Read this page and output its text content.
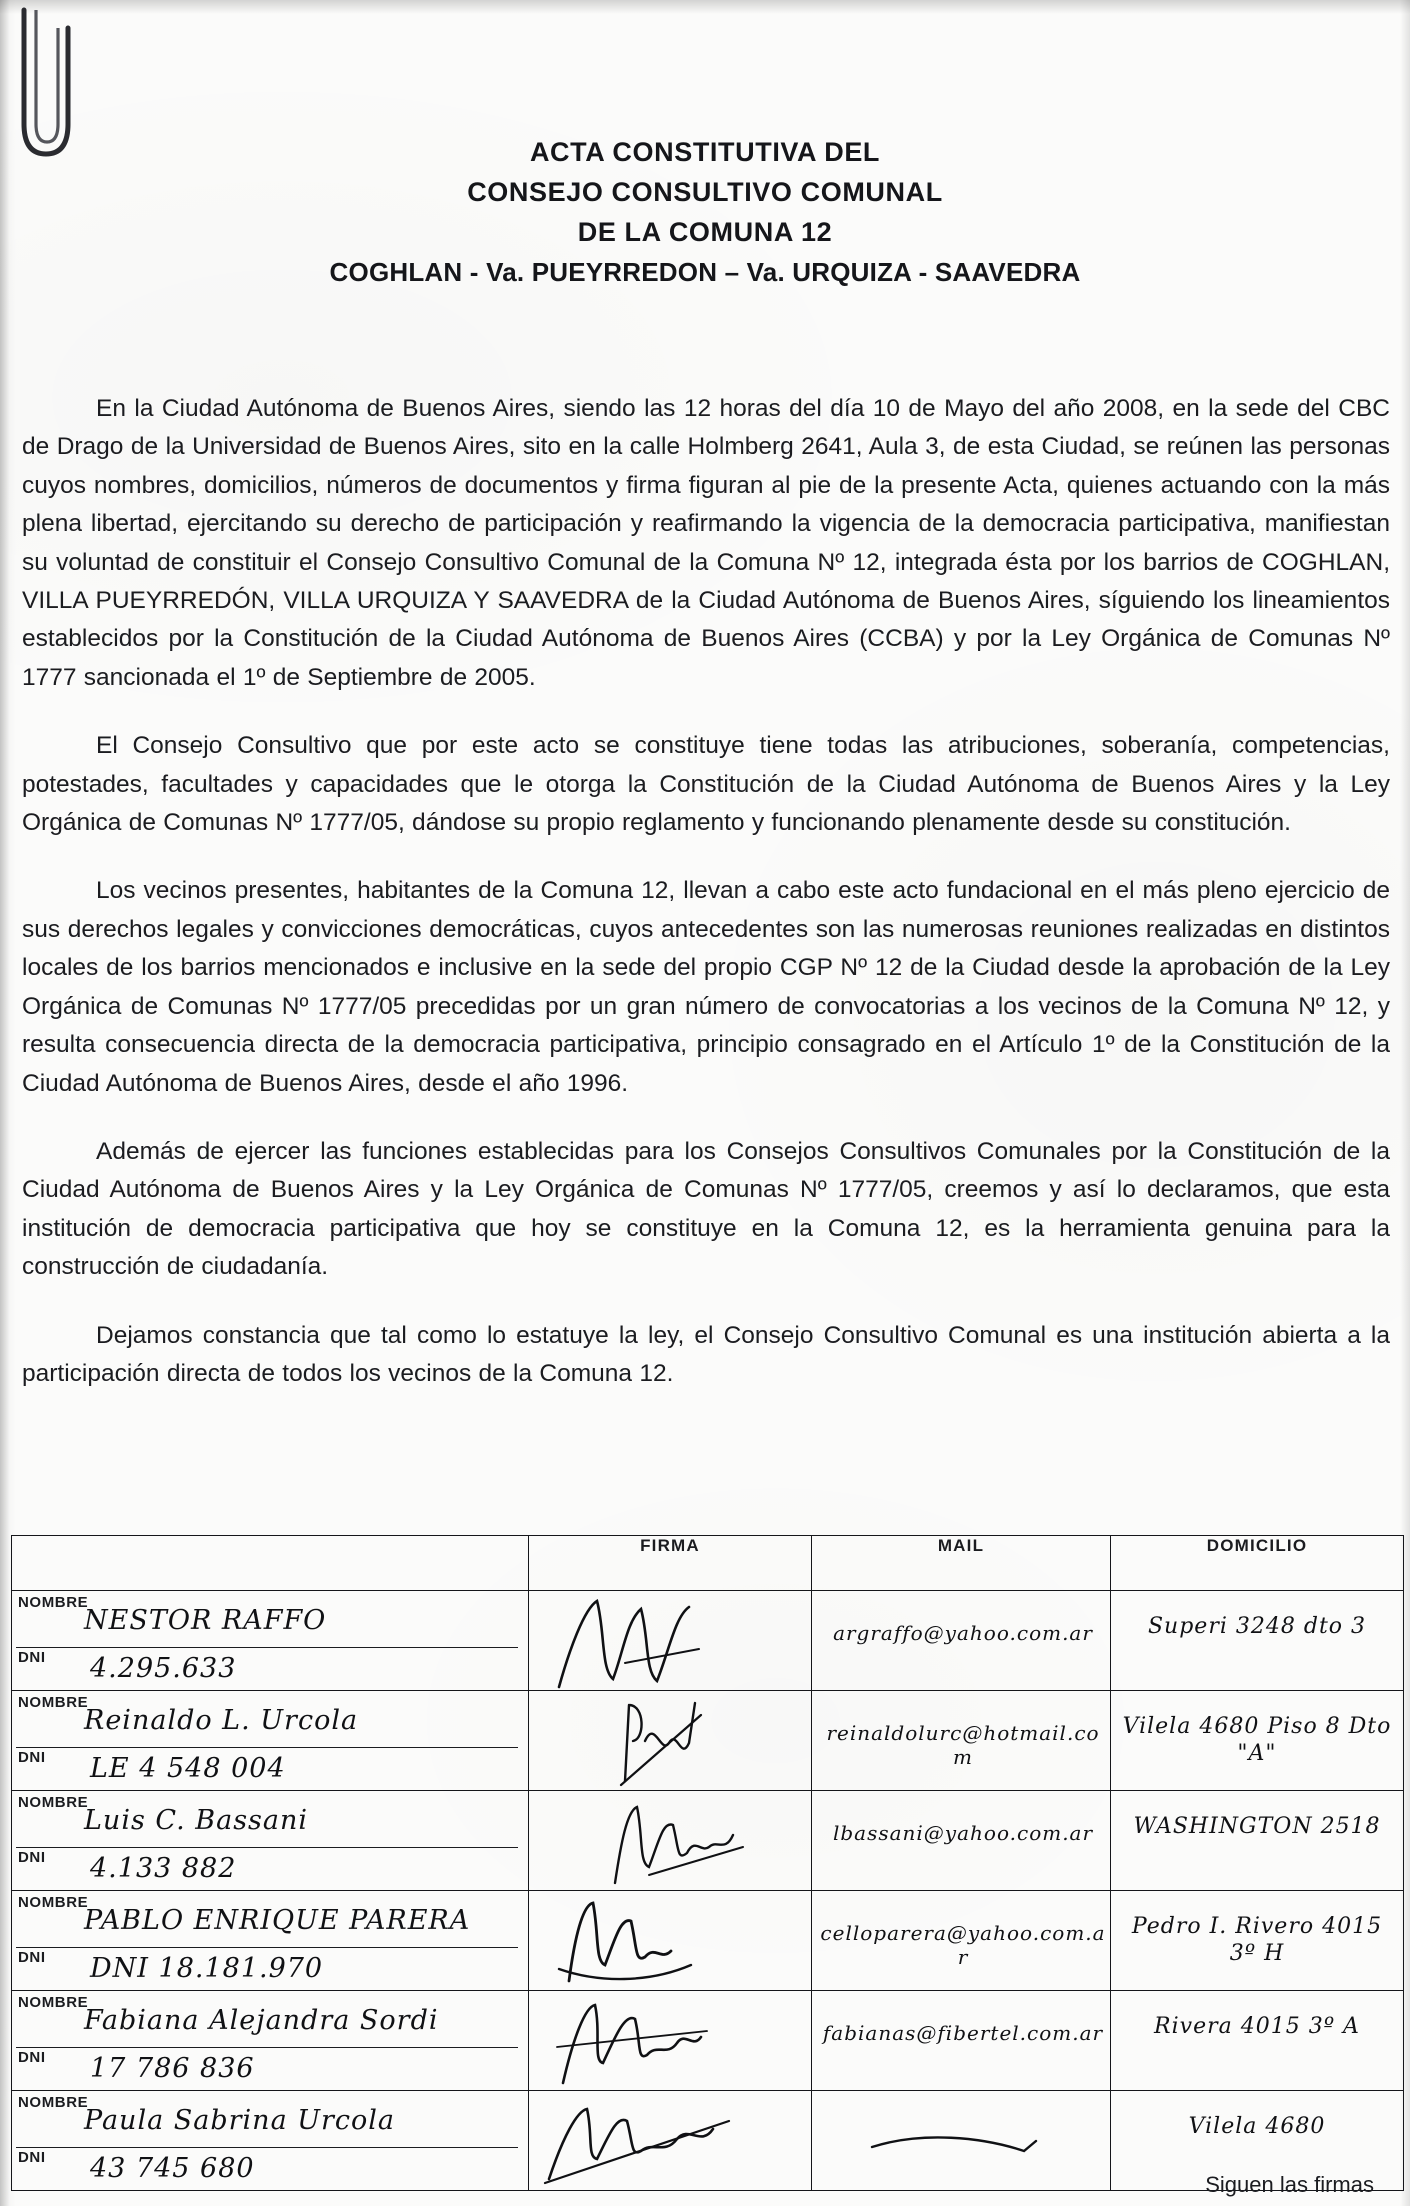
ACTA CONSTITUTIVA DEL
CONSEJO CONSULTIVO COMUNAL
DE LA COMUNA 12
COGHLAN - Va. PUEYRREDON – Va. URQUIZA - SAAVEDRA

En la Ciudad Autónoma de Buenos Aires, siendo las 12 horas del día 10 de Mayo del año 2008, en la sede del CBC de Drago de la Universidad de Buenos Aires, sito en la calle Holmberg 2641, Aula 3, de esta Ciudad, se reúnen las personas cuyos nombres, domicilios, números de documentos y firma figuran al pie de la presente Acta, quienes actuando con la más plena libertad, ejercitando su derecho de participación y reafirmando la vigencia de la democracia participativa, manifiestan su voluntad de constituir el Consejo Consultivo Comunal de la Comuna Nº 12, integrada ésta por los barrios de COGHLAN, VILLA PUEYRREDÓN, VILLA URQUIZA Y SAAVEDRA de la Ciudad Autónoma de Buenos Aires, síguiendo los lineamientos establecidos por la Constitución de la Ciudad Autónoma de Buenos Aires (CCBA) y por la Ley Orgánica de Comunas Nº 1777 sancionada el 1º de Septiembre de 2005.

El Consejo Consultivo que por este acto se constituye tiene todas las atribuciones, soberanía, competencias, potestades, facultades y capacidades que le otorga la Constitución de la Ciudad Autónoma de Buenos Aires y la Ley Orgánica de Comunas Nº 1777/05, dándose su propio reglamento y funcionando plenamente desde su constitución.

Los vecinos presentes, habitantes de la Comuna 12, llevan a cabo este acto fundacional en el más pleno ejercicio de sus derechos legales y convicciones democráticas, cuyos antecedentes son las numerosas reuniones realizadas en distintos locales de los barrios mencionados e inclusive en la sede del propio CGP Nº 12 de la Ciudad desde la aprobación de la Ley Orgánica de Comunas Nº 1777/05 precedidas por un gran número de convocatorias a los vecinos de la Comuna Nº 12, y resulta consecuencia directa de la democracia participativa, principio consagrado en el Artículo 1º de la Constitución de la Ciudad Autónoma de Buenos Aires, desde el año 1996.

Además de ejercer las funciones establecidas para los Consejos Consultivos Comunales por la Constitución de la Ciudad Autónoma de Buenos Aires y la Ley Orgánica de Comunas Nº 1777/05, creemos y así lo declaramos, que esta institución de democracia participativa que hoy se constituye en la Comuna 12, es la herramienta genuina para la construcción de ciudadanía.

Dejamos constancia que tal como lo estatuye la ley, el Consejo Consultivo Comunal es una institución abierta a la participación directa de todos los vecinos de la Comuna 12.

	FIRMA	MAIL	DOMICILIO

NOMBRE
NESTOR RAFFO
DNI 4.295.633		argraffo@yahoo.com.ar	Superi 3248 dto 3

NOMBRE
Reinaldo L. Urcola
DNI LE 4 548 004		reinaldolurc@hotmail.com	Vilela 4680 Piso 8 Dto "A"

NOMBRE
Luis C. Bassani
DNI 4.133 882		lbassani@yahoo.com.ar	WASHINGTON 2518

NOMBRE
PABLO ENRIQUE PARERA
DNI DNI 18.181.970		celloparera@yahoo.com.ar	Pedro I. Rivero 4015 3º H

NOMBRE
Fabiana Alejandra Sordi
DNI 17 786 836		fabianas@fibertel.com.ar	Rivera 4015 3º A

NOMBRE
Paula Sabrina Urcola
DNI 43 745 680			Vilela 4680
Siguen las firmas
